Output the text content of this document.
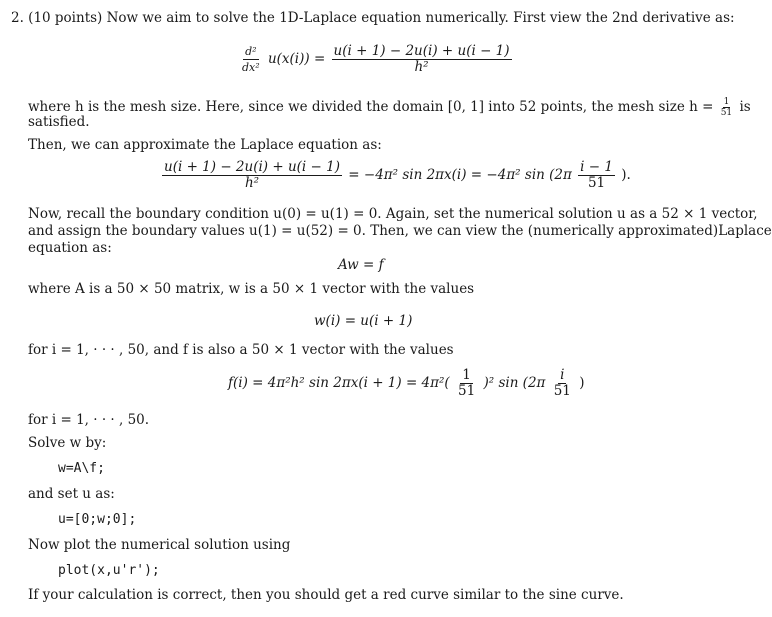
2. (10 points) Now we aim to solve the 1D-Laplace equation numerically. First view the 2nd derivative as:
$\frac{\text{d²}}{\text{dx²}} u(x(i)) = \frac{u(i + 1) - 2u(i) + u(i - 1)}{\text{h²}}$
where h is the mesh size. Here, since we divided the domain [0, 1] into 52 points, the mesh size $h = \frac{1}{51}$ is
satisfied.
Then, we can approximate the Laplace equation as:
$\frac{u(i + 1) - 2u(i) + u(i - 1)}{\text{h²}} = -4\pi^2$ sin 2πx(i) = −4π² $\sin (2\pi \frac{i - 1}{51}$ ).
Now, recall the boundary condition u(0) = u(1) = 0. Again, set the numerical solution u as a 52 × 1 vector,
and assign the boundary values u(1) = u(52) = 0. Then, we can view the (numerically approximated)Laplace
equation as:
Aw = f
where A is a 50 × 50 matrix, w is a 50 × 1 vector with the values
w(i) = u(i + 1)
for i = 1, · · · , 50, and f is also a 50 × 1 vector with the values
f(i) = 4π²h² $\sin 2\pi x(i + 1) = 4\pi^2( \frac{1}{51} )^2$ $\sin (2\pi \frac{i}{51}$ )
for i = 1, · · · , 50.
Solve w by:
w=A\f;
and set u as:
u=[0;w;0];
Now plot the numerical solution using
plot(x,u'r');
If your calculation is correct, then you should get a red curve similar to the sine curve.
